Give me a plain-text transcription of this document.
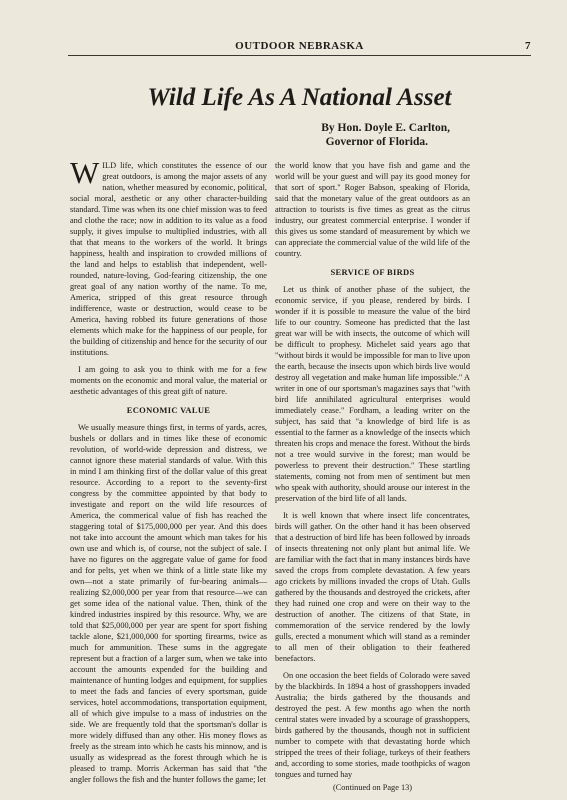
OUTDOOR NEBRASKA	7
Wild Life As A National Asset
By Hon. Doyle E. Carlton,
Governor of Florida.

WILD life, which constitutes the essence of our great outdoors, is among the major assets of any nation, whether measured by economic, political, social moral, aesthetic or any other character-building standard. Time was when its one chief mission was to feed and clothe the race; now in addition to its value as a food supply, it gives impulse to multiplied industries, with all that that means to the workers of the world. It brings happiness, health and inspiration to crowded millions of the land and helps to establish that independent, well-rounded, nature-loving, God-fearing citizenship, the one great goal of any nation worthy of the name. To me, America, stripped of this great resource through indifference, waste or destruction, would cease to be America, having robbed its future generations of those elements which make for the happiness of our people, for the building of citizenship and hence for the security of our institutions.

I am going to ask you to think with me for a few moments on the economic and moral value, the material or aesthetic advantages of this great gift of nature.

ECONOMIC VALUE

We usually measure things first, in terms of yards, acres, bushels or dollars and in times like these of economic revolution, of world-wide depression and distress, we cannot ignore these material standards of value. With this in mind I am thinking first of the dollar value of this great resource. According to a report to the seventy-first congress by the committee appointed by that body to investigate and report on the wild life resources of America, the commerical value of fish has reached the staggering total of $175,000,000 per year. And this does not take into account the amount which man takes for his own use and which is, of course, not the subject of sale. I have no figures on the aggregate value of game for food and for pelts, yet when we think of a little state like my own—not a state primarily of fur-bearing animals—realizing $2,000,000 per year from that resource—we can get some idea of the national value. Then, think of the kindred industries inspired by this resource. Why, we are told that $25,000,000 per year are spent for sport fishing tackle alone, $21,000,000 for sporting firearms, twice as much for ammunition. These sums in the aggregate represent but a fraction of a larger sum, when we take into account the amounts expended for the building and maintenance of hunting lodges and equipment, for supplies to meet the fads and fancies of every sportsman, guide services, hotel accommodations, transportation equipment, all of which give impulse to a mass of industries on the side. We are frequently told that the sportsman's dollar is more widely diffused than any other. His money flows as freely as the stream into which he casts his minnow, and is usually as widespread as the forest through which he is pleased to tramp. Morris Ackerman has said that "the angler follows the fish and the hunter follows the game; let

the world know that you have fish and game and the world will be your guest and will pay its good money for that sort of sport." Roger Babson, speaking of Florida, said that the monetary value of the great outdoors as an attraction to tourists is five times as great as the citrus industry, our greatest commercial enterprise. I wonder if this gives us some standard of measurement by which we can appreciate the commercial value of the wild life of the country.

SERVICE OF BIRDS

Let us think of another phase of the subject, the economic service, if you please, rendered by birds. I wonder if it is possible to measure the value of the bird life to our country. Someone has predicted that the last great war will be with insects, the outcome of which will be difficult to prophesy. Michelet said years ago that "without birds it would be impossible for man to live upon the earth, because the insects upon which birds live would destroy all vegetation and make human life impossible." A writer in one of our sportsman's magazines says that "with bird life annihilated agricultural enterprises would immediately cease." Fordham, a leading writer on the subject, has said that "a knowledge of bird life is as essential to the farmer as a knowledge of the insects which threaten his crops and menace the forest. Without the birds not a tree would survive in the forest; man would be powerless to prevent their destruction." These startling statements, coming not from men of sentiment but men who speak with authority, should arouse our interest in the preservation of the bird life of all lands.

It is well known that where insect life concentrates, birds will gather. On the other hand it has been observed that a destruction of bird life has been followed by inroads of insects threatening not only plant but animal life. We are familiar with the fact that in many instances birds have saved the crops from complete devastation. A few years ago crickets by millions invaded the crops of Utah. Gulls gathered by the thousands and destroyed the crickets, after they had ruined one crop and were on their way to the destruction of another. The citizens of that State, in commemoration of the service rendered by the lowly gulls, erected a monument which will stand as a reminder to all men of their obligation to their feathered benefactors.

On one occasion the beet fields of Colorado were saved by the blackbirds. In 1894 a host of grasshoppers invaded Australia; the birds gathered by the thousands and destroyed the pest. A few months ago when the north central states were invaded by a scourage of grasshoppers, birds gathered by the thousands, though not in sufficient number to compete with that devastating horde which stripped the trees of their foliage, turkeys of their feathers and, according to some stories, made toothpicks of wagon tongues and turned hay

(Continued on Page 13)
